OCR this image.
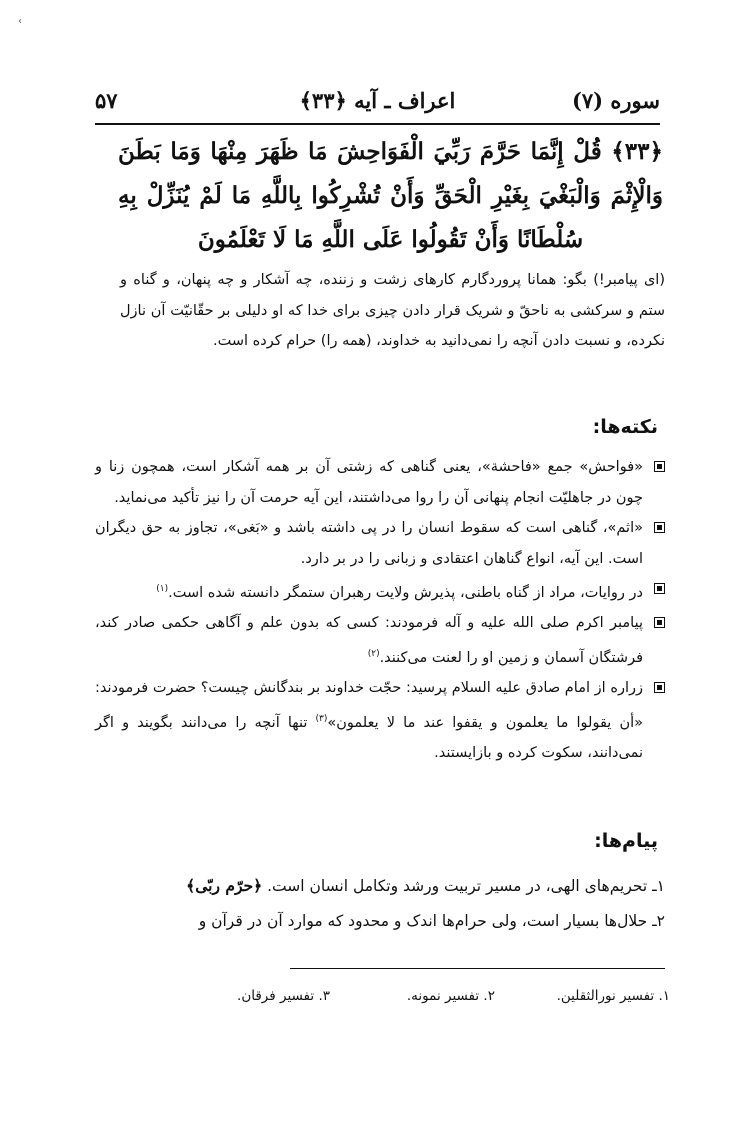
‹
سوره (۷)
اعراف ـ آیه ﴿۳۳﴾
۵۷
﴿۳۳﴾ قُلْ إِنَّمَا حَرَّمَ رَبِّيَ الْفَوَاحِشَ مَا ظَهَرَ مِنْهَا وَمَا بَطَنَ وَالْإِثْمَ وَالْبَغْيَ بِغَيْرِ الْحَقِّ وَأَنْ تُشْرِكُوا بِاللَّهِ مَا لَمْ يُنَزِّلْ بِهِ سُلْطَانًا وَأَنْ تَقُولُوا عَلَى اللَّهِ مَا لَا تَعْلَمُونَ
(ای پیامبر!) بگو: همانا پروردگارم کارهای زشت و زننده، چه آشکار و چه پنهان، و گناه و ستم و سرکشی به ناحقّ و شریک قرار دادن چیزی برای خدا که او دلیلی بر حقّانیّت آن نازل نکرده، و نسبت دادن آنچه را نمی‌دانید به خداوند، (همه را) حرام کرده است.
نکته‌ها:
«فواحش» جمع «فاحشة»، یعنی گناهی که زشتی آن بر همه آشکار است، همچون زنا و چون در جاهلیّت انجام پنهانی آن را روا می‌داشتند، این آیه حرمت آن را نیز تأکید می‌نماید.
«اثم»، گناهی است که سقوط انسان را در پی داشته باشد و «بَغی»، تجاوز به حق دیگران است. این آیه، انواع گناهان اعتقادی و زبانی را در بر دارد.
در روایات، مراد از گناه باطنی، پذیرش ولایت رهبران ستمگر دانسته شده است.$^{(۱)}$
پیامبر اکرم صلی الله علیه و آله فرمودند: کسی که بدون علم و آگاهی حکمی صادر کند، فرشتگان آسمان و زمین او را لعنت می‌کنند.$^{(۲)}$
زراره از امام صادق علیه السلام پرسید: حجّت خداوند بر بندگانش چیست؟ حضرت فرمودند: «أن يقولوا ما يعلمون و يقفوا عند ما لا يعلمون»$^{(۳)}$ تنها آنچه را می‌دانند بگویند و اگر نمی‌دانند، سکوت کرده و بازایستند.
پیام‌ها:
۱ـ تحریم‌های الهی، در مسیر تربیت ورشد وتکامل انسان است. ﴿حرّم ربّی﴾
۲ـ حلال‌ها بسیار است، ولی حرام‌ها اندک و محدود که موارد آن در قرآن و
۱. تفسیر نورالثقلین.
۲. تفسیر نمونه.
۳. تفسیر فرقان.
